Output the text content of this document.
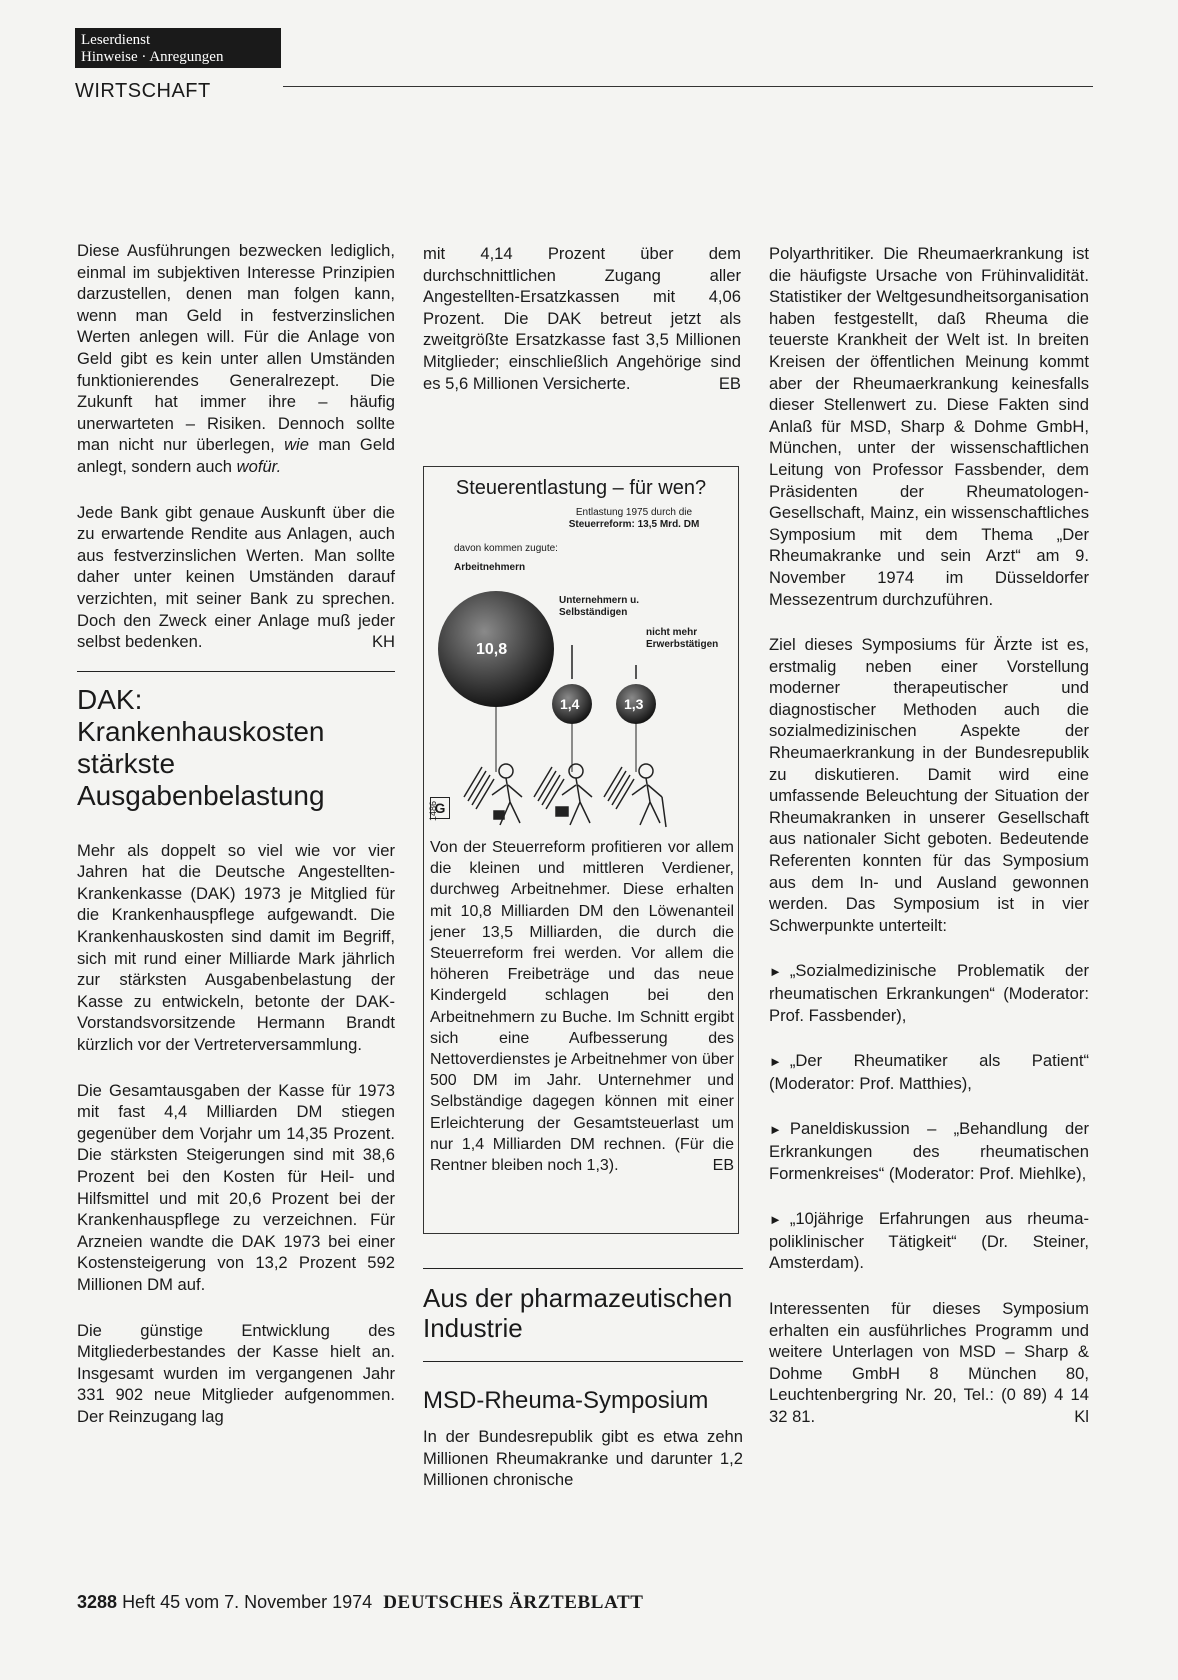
Leserdienst
Hinweise · Anregungen
WIRTSCHAFT

Diese Ausführungen bezwecken lediglich, einmal im subjektiven Interesse Prinzipien darzustellen, denen man folgen kann, wenn man Geld in festverzinslichen Werten anlegen will. Für die Anlage von Geld gibt es kein unter allen Umständen funktionierendes Generalrezept. Die Zukunft hat immer ihre – häufig unerwarteten – Risiken. Dennoch sollte man nicht nur überlegen, wie man Geld anlegt, sondern auch wofür.

Jede Bank gibt genaue Auskunft über die zu erwartende Rendite aus Anlagen, auch aus festverzinslichen Werten. Man sollte daher unter keinen Umständen darauf verzichten, mit seiner Bank zu sprechen. Doch den Zweck einer Anlage muß jeder selbst bedenken.	KH

DAK: Krankenhauskosten stärkste Ausgabenbelastung

Mehr als doppelt so viel wie vor vier Jahren hat die Deutsche Angestellten-Krankenkasse (DAK) 1973 je Mitglied für die Krankenhauspflege aufgewandt. Die Krankenhauskosten sind damit im Begriff, sich mit rund einer Milliarde Mark jährlich zur stärksten Ausgabenbelastung der Kasse zu entwickeln, betonte der DAK-Vorstandsvorsitzende Hermann Brandt kürzlich vor der Vertreterversammlung.

Die Gesamtausgaben der Kasse für 1973 mit fast 4,4 Milliarden DM stiegen gegenüber dem Vorjahr um 14,35 Prozent. Die stärksten Steigerungen sind mit 38,6 Prozent bei den Kosten für Heil- und Hilfsmittel und mit 20,6 Prozent bei der Krankenhauspflege zu verzeichnen. Für Arzneien wandte die DAK 1973 bei einer Kostensteigerung von 13,2 Prozent 592 Millionen DM auf.

Die günstige Entwicklung des Mitgliederbestandes der Kasse hielt an. Insgesamt wurden im vergangenen Jahr 331 902 neue Mitglieder aufgenommen. Der Reinzugang lag

mit 4,14 Prozent über dem durchschnittlichen Zugang aller Angestellten-Ersatzkassen mit 4,06 Prozent. Die DAK betreut jetzt als zweitgrößte Ersatzkasse fast 3,5 Millionen Mitglieder; einschließlich Angehörige sind es 5,6 Millionen Versicherte.	EB

Steuerentlastung – für wen?
Entlastung 1975 durch die
Steuerreform: 13,5 Mrd. DM
davon kommen zugute:
Arbeitnehmern
Unternehmern u.
Selbständigen
nicht mehr
Erwerbstätigen
10,8
1,4	1,3
G
1486
Von der Steuerreform profitieren vor allem die kleinen und mittleren Verdiener, durchweg Arbeitnehmer. Diese erhalten mit 10,8 Milliarden DM den Löwenanteil jener 13,5 Milliarden, die durch die Steuerreform frei werden. Vor allem die höheren Freibeträge und das neue Kindergeld schlagen bei den Arbeitnehmern zu Buche. Im Schnitt ergibt sich eine Aufbesserung des Nettoverdienstes je Arbeitnehmer von über 500 DM im Jahr. Unternehmer und Selbständige dagegen können mit einer Erleichterung der Gesamtsteuerlast um nur 1,4 Milliarden DM rechnen. (Für die Rentner bleiben noch 1,3).	EB
Aus der pharmazeutischen Industrie
MSD-Rheuma-Symposium

In der Bundesrepublik gibt es etwa zehn Millionen Rheumakranke und darunter 1,2 Millionen chronische

Polyarthritiker. Die Rheumaerkrankung ist die häufigste Ursache von Frühinvalidität. Statistiker der Weltgesundheitsorganisation haben festgestellt, daß Rheuma die teuerste Krankheit der Welt ist. In breiten Kreisen der öffentlichen Meinung kommt aber der Rheumaerkrankung keinesfalls dieser Stellenwert zu. Diese Fakten sind Anlaß für MSD, Sharp & Dohme GmbH, München, unter der wissenschaftlichen Leitung von Professor Fassbender, dem Präsidenten der Rheumatologen-Gesellschaft, Mainz, ein wissenschaftliches Symposium mit dem Thema „Der Rheumakranke und sein Arzt“ am 9. November 1974 im Düsseldorfer Messezentrum durchzuführen.

Ziel dieses Symposiums für Ärzte ist es, erstmalig neben einer Vorstellung moderner therapeutischer und diagnostischer Methoden auch die sozialmedizinischen Aspekte der Rheumaerkrankung in der Bundesrepublik zu diskutieren. Damit wird eine umfassende Beleuchtung der Situation der Rheumakranken in unserer Gesellschaft aus nationaler Sicht geboten. Bedeutende Referenten konnten für das Symposium aus dem In- und Ausland gewonnen werden. Das Symposium ist in vier Schwerpunkte unterteilt:

► „Sozialmedizinische Problematik der rheumatischen Erkrankungen“ (Moderator: Prof. Fassbender),

► „Der Rheumatiker als Patient“ (Moderator: Prof. Matthies),

► Paneldiskussion – „Behandlung der Erkrankungen des rheumatischen Formenkreises“ (Moderator: Prof. Miehlke),

► „10jährige Erfahrungen aus rheuma-poliklinischer Tätigkeit“ (Dr. Steiner, Amsterdam).

Interessenten für dieses Symposium erhalten ein ausführliches Programm und weitere Unterlagen von MSD – Sharp & Dohme GmbH 8 München 80, Leuchtenbergring Nr. 20, Tel.: (0 89) 4 14 32 81.	Kl

3288 Heft 45 vom 7. November 1974 DEUTSCHES ÄRZTEBLATT
